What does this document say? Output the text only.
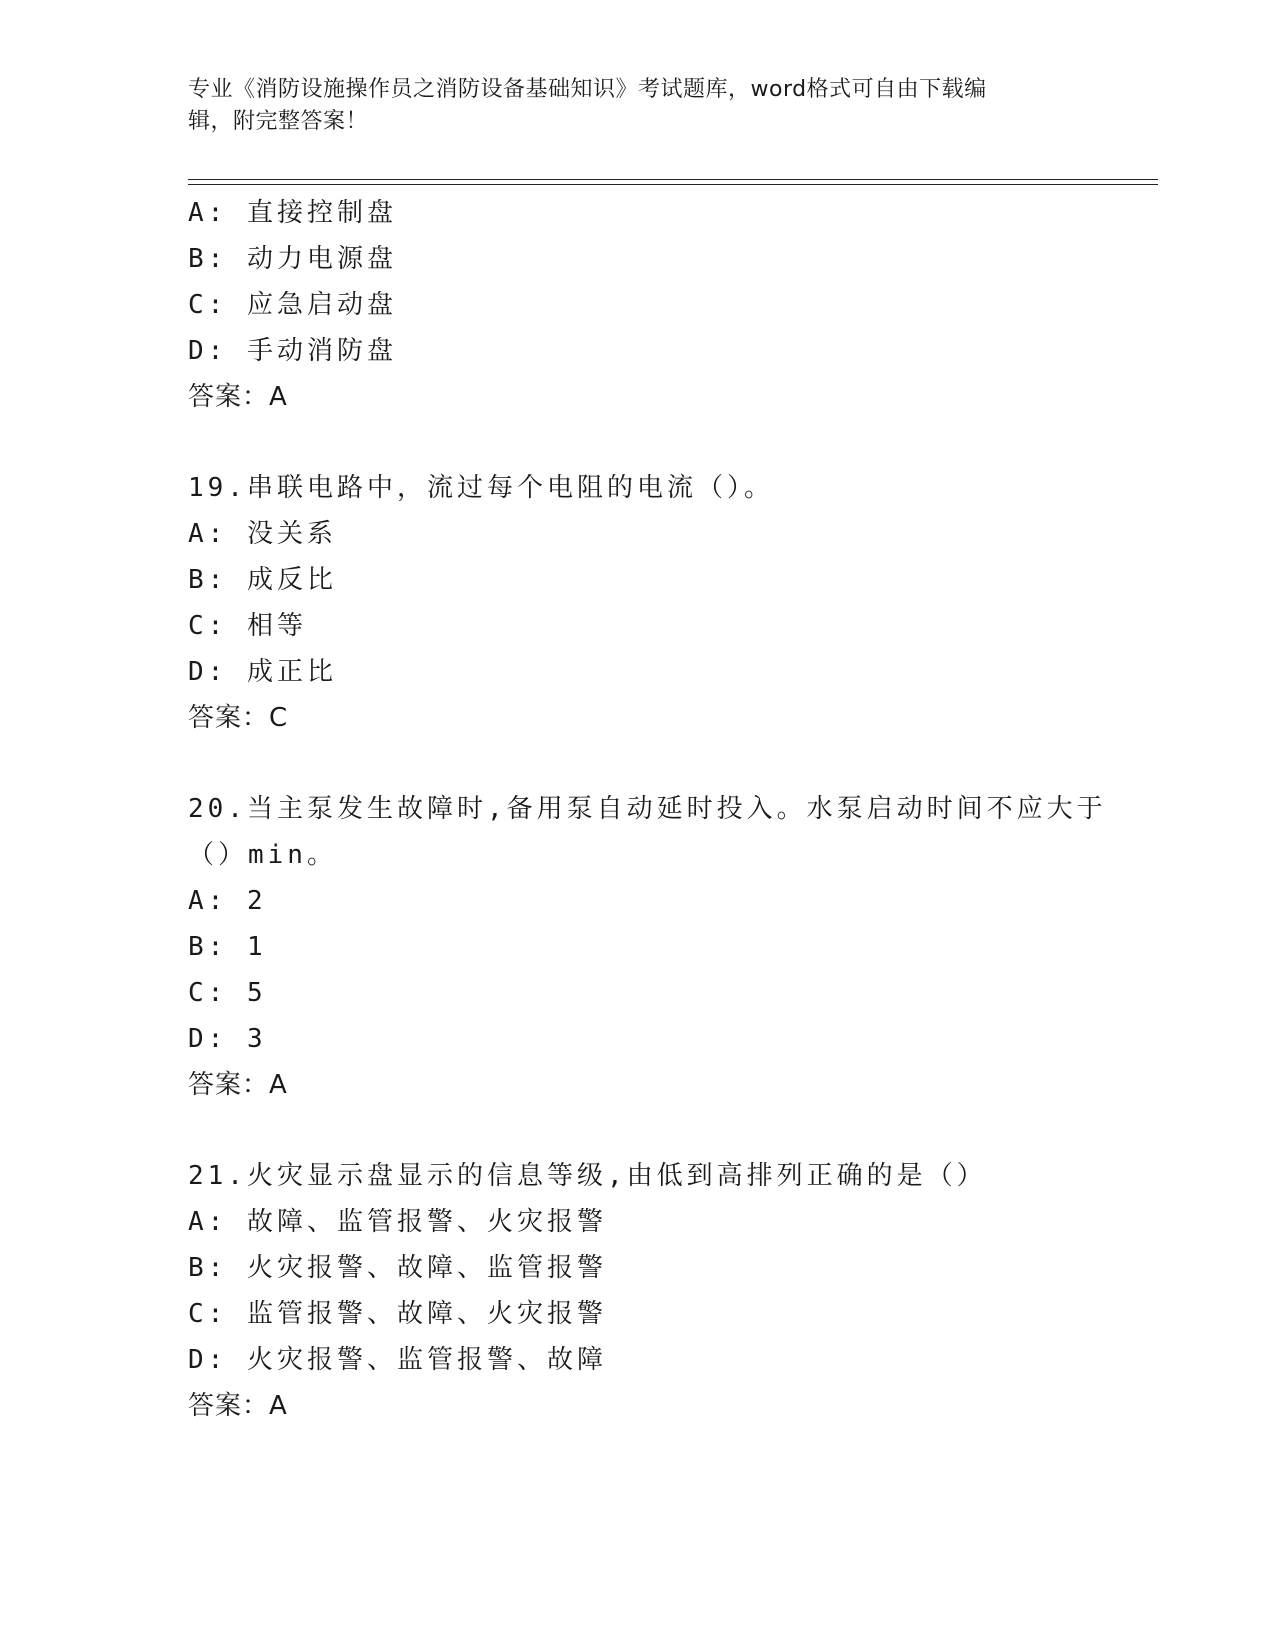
专业《消防设施操作员之消防设备基础知识》考试题库，word格式可自由下载编
辑，附完整答案！
A: 直接控制盘
B: 动力电源盘
C: 应急启动盘
D: 手动消防盘
答案：A
19.串联电路中，流过每个电阻的电流（）。
A: 没关系
B: 成反比
C: 相等
D: 成正比
答案：C
20.当主泵发生故障时,备用泵自动延时投入。水泵启动时间不应大于
（）min。
A: 2
B: 1
C: 5
D: 3
答案：A
21.火灾显示盘显示的信息等级,由低到高排列正确的是（）
A: 故障、监管报警、火灾报警
B: 火灾报警、故障、监管报警
C: 监管报警、故障、火灾报警
D: 火灾报警、监管报警、故障
答案：A
